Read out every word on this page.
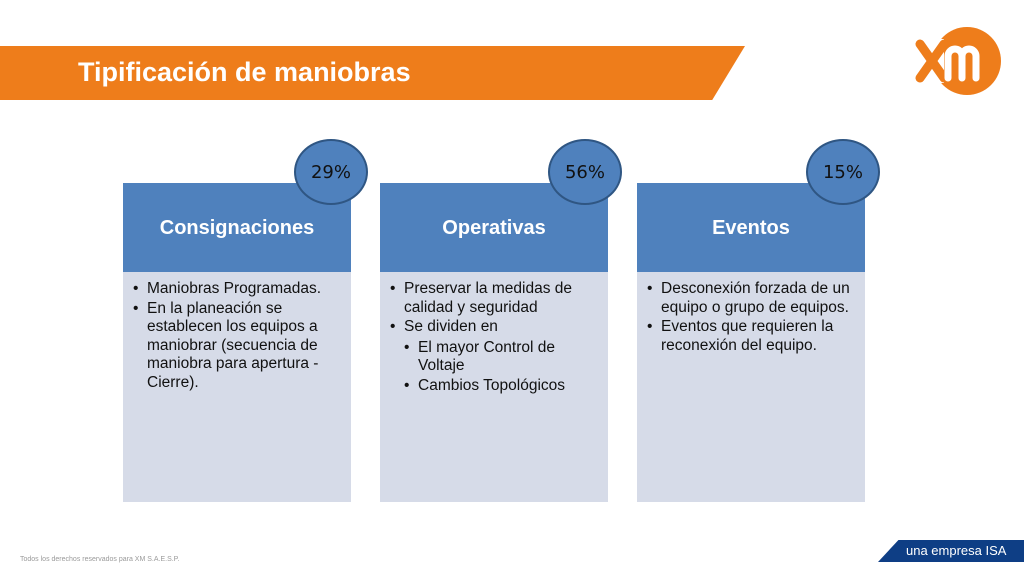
Tipificación de maniobras
• Maniobras Programadas.
• En la planeación se establecen los equipos a maniobrar (secuencia de maniobra para apertura - Cierre).
Consignaciones
29%
• Preservar la medidas de calidad y seguridad
• Se dividen en
• El mayor Control de Voltaje
• Cambios Topológicos
Operativas
56%
• Desconexión forzada de un equipo o grupo de equipos.
• Eventos que requieren la reconexión del equipo.
Eventos
15%
Todos los derechos reservados para XM S.A.E.S.P.
una empresa ISA
